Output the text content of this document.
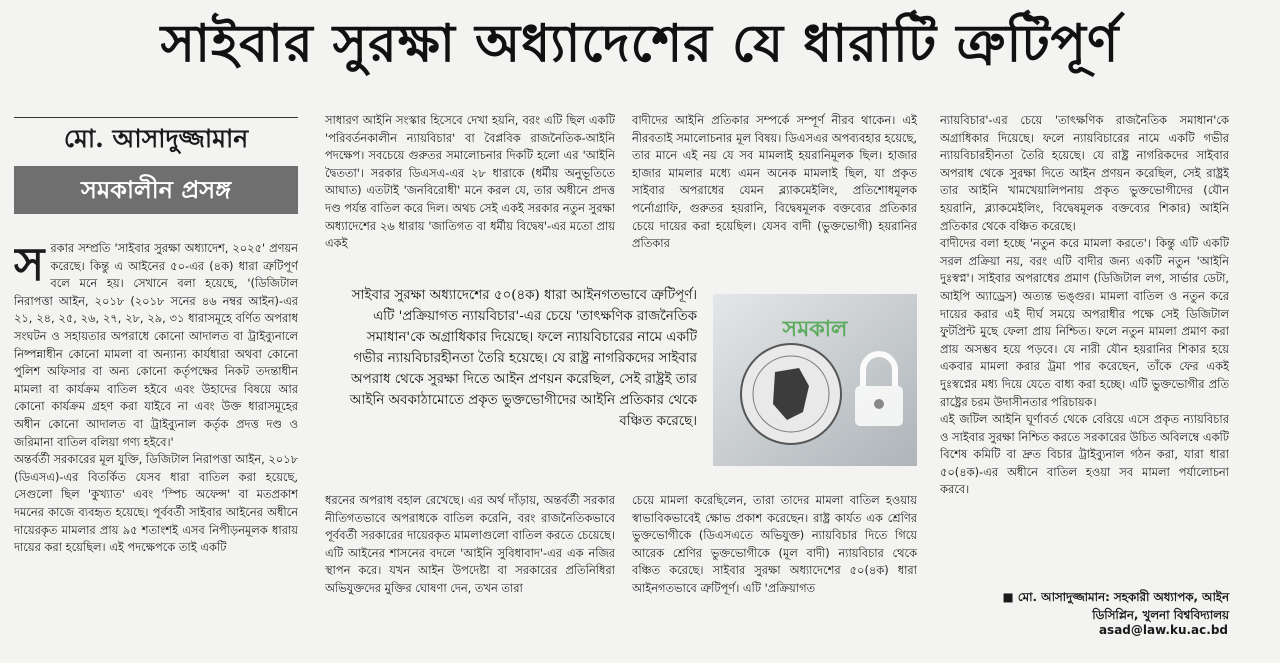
সাইবার সুরক্ষা অধ্যাদেশের যে ধারাটি ত্রুটিপূর্ণ
মো. আসাদুজ্জামান
সমকালীন প্রসঙ্গ
স রকার সম্প্রতি 'সাইবার সুরক্ষা অধ্যাদেশ, ২০২৫' প্রণয়ন করেছে। কিন্তু এ আইনের ৫০-এর (৪ক) ধারা ত্রুটিপূর্ণ বলে মনে হয়। সেখানে বলা হয়েছে, '(ডিজিটাল নিরাপত্তা আইন, ২০১৮ (২০১৮ সনের ৪৬ নম্বর আইন)-এর ২১, ২৪, ২৫, ২৬, ২৭, ২৮, ২৯, ৩১ ধারাসমূহে বর্ণিত অপরাধ সংঘটন ও সহায়তার অপরাধে কোনো আদালত বা ট্রাইব্যুনালে নিষ্পন্নাধীন কোনো মামলা বা অন্যান্য কার্যধারা অথবা কোনো পুলিশ অফিসার বা অন্য কোনো কর্তৃপক্ষের নিকট তদন্তাধীন মামলা বা কার্যক্রম বাতিল হইবে এবং উহাদের বিষয়ে আর কোনো কার্যক্রম গ্রহণ করা যাইবে না এবং উক্ত ধারাসমূহের অধীন কোনো আদালত বা ট্রাইব্যুনাল কর্তৃক প্রদত্ত দণ্ড ও জরিমানা বাতিল বলিয়া গণ্য হইবে।'

অন্তর্বর্তী সরকারের মূল যুক্তি, ডিজিটাল নিরাপত্তা আইন, ২০১৮ (ডিএসএ)-এর বিতর্কিত যেসব ধারা বাতিল করা হয়েছে, সেগুলো ছিল 'কুখ্যাত' এবং 'স্পিচ অফেন্স' বা মতপ্রকাশ দমনের কাজে ব্যবহৃত হয়েছে। পূর্ববর্তী সাইবার আইনের অধীনে দায়েরকৃত মামলার প্রায় ৯৫ শতাংশই এসব নিপীড়নমূলক ধারায় দায়ের করা হয়েছিল। এই পদক্ষেপকে তাই একটি

সাধারণ আইনি সংস্কার হিসেবে দেখা হয়নি, বরং এটি ছিল একটি 'পরিবর্তনকালীন ন্যায়বিচার' বা বৈপ্লবিক রাজনৈতিক-আইনি পদক্ষেপ। সবচেয়ে গুরুতর সমালোচনার দিকটি হলো এর 'আইনি দ্বৈততা'। সরকার ডিএসএ-এর ২৮ ধারাকে (ধর্মীয় অনুভূতিতে আঘাত) এতটাই 'জনবিরোধী' মনে করল যে, তার অধীনে প্রদত্ত দণ্ড পর্যন্ত বাতিল করে দিল। অথচ সেই একই সরকার নতুন সুরক্ষা অধ্যাদেশের ২৬ ধারায় 'জাতিগত বা ধর্মীয় বিদ্বেষ'-এর মতো প্রায় একই
বাদীদের আইনি প্রতিকার সম্পর্কে সম্পূর্ণ নীরব থাকেন। এই নীরবতাই সমালোচনার মূল বিষয়। ডিএসএর অপব্যবহার হয়েছে, তার মানে এই নয় যে সব মামলাই হয়রানিমূলক ছিল। হাজার হাজার মামলার মধ্যে এমন অনেক মামলাই ছিল, যা প্রকৃত সাইবার অপরাধের যেমন ব্ল্যাকমেইলিং, প্রতিশোধমূলক পর্নোগ্রাফি, গুরুতর হয়রানি, বিদ্বেষমূলক বক্তব্যের প্রতিকার চেয়ে দায়ের করা হয়েছিল। যেসব বাদী (ভুক্তভোগী) হয়রানির প্রতিকার
সাইবার সুরক্ষা অধ্যাদেশের ৫০(৪ক) ধারা আইনগতভাবে ত্রুটিপূর্ণ। এটি 'প্রক্রিয়াগত ন্যায়বিচার'-এর চেয়ে 'তাৎক্ষণিক রাজনৈতিক সমাধান'কে অগ্রাধিকার দিয়েছে। ফলে ন্যায়বিচারের নামে একটি গভীর ন্যায়বিচারহীনতা তৈরি হয়েছে। যে রাষ্ট্র নাগরিকদের সাইবার অপরাধ থেকে সুরক্ষা দিতে আইন প্রণয়ন করেছিল, সেই রাষ্ট্রই তার আইনি অবকাঠামোতে প্রকৃত ভুক্তভোগীদের আইনি প্রতিকার থেকে বঞ্চিত করেছে।
সমকাল
ধরনের অপরাধ বহাল রেখেছে। এর অর্থ দাঁড়ায়, অন্তর্বর্তী সরকার নীতিগতভাবে অপরাধকে বাতিল করেনি, বরং রাজনৈতিকভাবে পূর্ববর্তী সরকারের দায়েরকৃত মামলাগুলো বাতিল করতে চেয়েছে। এটি আইনের শাসনের বদলে 'আইনি সুবিধাবাদ'-এর এক নজির স্থাপন করে। যখন আইন উপদেষ্টা বা সরকারের প্রতিনিধিরা অভিযুক্তদের মুক্তির ঘোষণা দেন, তখন তারা
চেয়ে মামলা করেছিলেন, তারা তাদের মামলা বাতিল হওয়ায় স্বাভাবিকভাবেই ক্ষোভ প্রকাশ করেছেন। রাষ্ট্র কার্যত এক শ্রেণির ভুক্তভোগীকে (ডিএসএতে অভিযুক্ত) ন্যায়বিচার দিতে গিয়ে আরেক শ্রেণির ভুক্তভোগীকে (মূল বাদী) ন্যায়বিচার থেকে বঞ্চিত করেছে। সাইবার সুরক্ষা অধ্যাদেশের ৫০(৪ক) ধারা আইনগতভাবে ত্রুটিপূর্ণ। এটি 'প্রক্রিয়াগত

ন্যায়বিচার'-এর চেয়ে 'তাৎক্ষণিক রাজনৈতিক সমাধান'কে অগ্রাধিকার দিয়েছে। ফলে ন্যায়বিচারের নামে একটি গভীর ন্যায়বিচারহীনতা তৈরি হয়েছে। যে রাষ্ট্র নাগরিকদের সাইবার অপরাধ থেকে সুরক্ষা দিতে আইন প্রণয়ন করেছিল, সেই রাষ্ট্রই তার আইনি খামখেয়ালিপনায় প্রকৃত ভুক্তভোগীদের (যৌন হয়রানি, ব্ল্যাকমেইলিং, বিদ্বেষমূলক বক্তব্যের শিকার) আইনি প্রতিকার থেকে বঞ্চিত করেছে।

বাদীদের বলা হচ্ছে 'নতুন করে মামলা করতে'। কিন্তু এটি একটি সরল প্রক্রিয়া নয়, বরং এটি বাদীর জন্য একটি নতুন 'আইনি দুঃস্বপ্ন'। সাইবার অপরাধের প্রমাণ (ডিজিটাল লগ, সার্ভার ডেটা, আইপি অ্যাড্রেস) অত্যন্ত ভঙ্গুর। মামলা বাতিল ও নতুন করে দায়ের করার এই দীর্ঘ সময়ে অপরাধীর পক্ষে সেই ডিজিটাল ফুটপ্রিন্ট মুছে ফেলা প্রায় নিশ্চিত। ফলে নতুন মামলা প্রমাণ করা প্রায় অসম্ভব হয়ে পড়বে। যে নারী যৌন হয়রানির শিকার হয়ে একবার মামলা করার ট্রমা পার করেছেন, তাঁকে ফের একই দুঃস্বপ্নের মধ্য দিয়ে যেতে বাধ্য করা হচ্ছে। এটি ভুক্তভোগীর প্রতি রাষ্ট্রের চরম উদাসীনতার পরিচায়ক।

এই জটিল আইনি ঘূর্ণাবর্ত থেকে বেরিয়ে এসে প্রকৃত ন্যায়বিচার ও সাইবার সুরক্ষা নিশ্চিত করতে সরকারের উচিত অবিলম্বে একটি বিশেষ কমিটি বা দ্রুত বিচার ট্রাইব্যুনাল গঠন করা, যারা ধারা ৫০(৪ক)-এর অধীনে বাতিল হওয়া সব মামলা পর্যালোচনা করবে।

■ মো. আসাদুজ্জামান: সহকারী অধ্যাপক, আইন ডিসিপ্লিন, খুলনা বিশ্ববিদ্যালয়
asad@law.ku.ac.bd
